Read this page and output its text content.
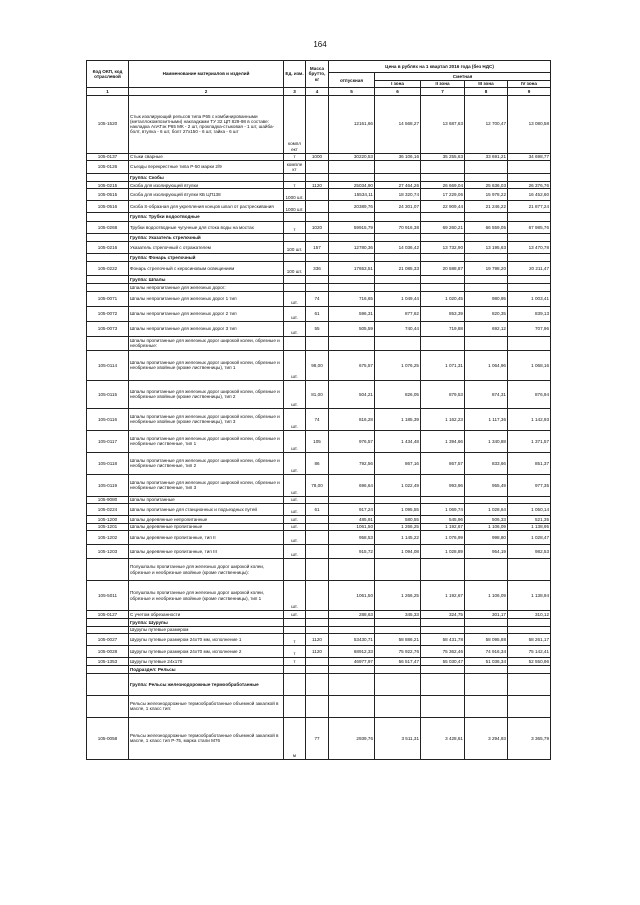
164
Код ОКП, код отраслевой	Наименование материалов и изделий	Ед. изм.	Масса брутто, кг	Цена в рублях на 1 квартал 2016 года (без НДС)				
				отпускная	Сметная			
					I зона	II зона	III зона	IV зона
1	2	3	4	5	6	7	8	9
105-1520	Стык изолирующий рельсов типа Р65 с комбинированными (металлокомпозитными) накладками ТУ 32 ЦП 829-98 в составе: накладка АпАТэк Р65 МК - 2 шт, прокладка-стыковая - 1 шт, шайба-болт, втулка - 6 шт, болт 27х150 - 6 шт, гайка - 6 шт	компл ект		12161,66	14 568,27	13 687,63	12 700,47	13 080,58
105-0137	Стыки сварные	т	1000	30220,53	36 106,16	35 255,63	33 691,21	34 698,77
105-0126	Съезды перекрестные типа Р-50 марки 2/9	компле кт						
	Группа: Скобы							
105-0215	Скоба для изолирующей втулки	т	1120	25034,90	27 464,26	26 669,04	25 636,03	26 376,76
105-0515	Скоба для изолирующей втулки КБ ЦП138	1000 шт.		15534,11	18 320,74	17 229,06	15 978,22	16 452,60
105-0516	Скоба S-образная для укрепления концов шпал от растрескивания	1000 шт.		20389,76	24 301,07	22 909,44	21 246,22	21 877,24
	Группа: Трубки водоотводные							
105-0268	Трубки водоотводные чугунные для стока воды на мостах	т	1020	59915,79	70 916,38	69 260,21	66 559,05	67 985,76
	Группа: Указатель стрелочный							
105-0216	Указатель стрелочный с отражателем	100 шт.	157	12780,36	14 036,42	13 732,90	13 195,63	13 470,78
	Группа: Фонарь стрелочный							
105-0222	Фонарь стрелочный с керосиновым освещением	100 шт.	336	17653,51	21 085,33	20 588,87	19 798,20	20 211,47
	Группа: Шпалы							
	Шпалы непропитанные для железных дорог:							
105-0071	Шпалы непропитанные для железных дорог 1 тип	шт.	74	716,65	1 049,44	1 020,45	980,95	1 003,41
105-0072	Шпалы непропитанные для железных дорог 2 тип	шт.	61	596,31	877,62	853,39	820,35	839,13
105-0073	Шпалы непропитанные для железных дорог 3 тип	шт.	55	505,59	740,44	719,88	692,12	707,96
	Шпалы пропитанные для железных дорог широкой колеи, обрезные и необрезные:							
105-0114	Шпалы пропитанные для железных дорог широкой колеи, обрезные и необрезные хвойные (кроме лиственницы), тип 1	шт.	98,00	675,57	1 076,25	1 071,31	1 064,96	1 068,16
105-0115	Шпалы пропитанные для железных дорог широкой колеи, обрезные и необрезные хвойные (кроме лиственницы), тип 2	шт.	81,00	504,21	826,05	879,53	874,31	876,94
105-0116	Шпалы пропитанные для железных дорог широкой колеи, обрезные и необрезные хвойные (кроме лиственницы), тип 3	шт.	74	816,28	1 185,39	1 162,23	1 117,36	1 142,93
105-0117	Шпалы пропитанные для железных дорог широкой колеи, обрезные и необрезные лиственные, тип 1	шт.	105	976,57	1 434,48	1 394,66	1 340,88	1 371,57
105-0118	Шпалы пропитанные для железных дорог широкой колеи, обрезные и необрезные лиственные, тип 2	шт.	86	792,56	867,16	867,57	833,66	851,37
105-0119	Шпалы пропитанные для железных дорог широкой колеи, обрезные и необрезные лиственные, тип 3	шт.	78,00	696,64	1 022,49	993,96	955,49	977,35
105-9080	Шпалы пропитанные	шт.						
105-0224	Шпалы пропитанные для станционных и подъездных путей	шт.	61	917,24	1 095,55	1 069,74	1 028,64	1 050,14
105-1200	Шпалы деревянные непропитанные	шт.		485,91	580,55	545,96	506,33	521,35
105-1201	Шпалы деревянные пропитанные	шт.		1061,50	1 266,25	1 192,67	1 106,09	1 138,95
105-1202	Шпалы деревянные пропитанные, тип II	шт.		958,53	1 145,22	1 076,99	998,80	1 028,47
105-1203	Шпалы деревянные пропитанные, тип III	шт.		915,72	1 094,08	1 028,89	954,19	982,53
	Полушпалы пропитанные для железных дорог широкой колеи, обрезные и необрезные хвойные (кроме лиственницы):							
105-5011	Полушпалы пропитанные для железных дорог широкой колеи, обрезные и необрезные хвойные (кроме лиственницы), тип 1	шт.		1061,50	1 266,25	1 192,67	1 106,09	1 138,94
105-0127	С учетом обрезанности	шт.		288,63	345,33	324,75	301,17	310,12
	Группа: Шурупы							
	Шурупы путевые размером							
105-0027	Шурупы путевые размером 24х70 мм, исполнение 1	т	1120	53430,71	58 886,21	58 431,78	58 095,88	58 261,17
105-0028	Шурупы путевые размером 24х70 мм, исполнение 2	т	1120	68912,33	75 922,76	75 362,46	74 916,34	75 142,41
105-1353	Шурупы путевые 24х170	т		46977,97	56 517,47	55 030,47	51 036,34	52 550,96
	Подраздел: Рельсы							
	Группа: Рельсы железнодорожные термообработанные							
	Рельсы железнодорожные термообработанные объемной закалкой в масле, 1 класс тип:							
105-0058	Рельсы железнодорожные термообработанные объемной закалкой в масле, 1 класс тип Р-75, марка стали М76	м	77	2939,76	3 511,31	3 428,61	3 294,93	3 365,79
